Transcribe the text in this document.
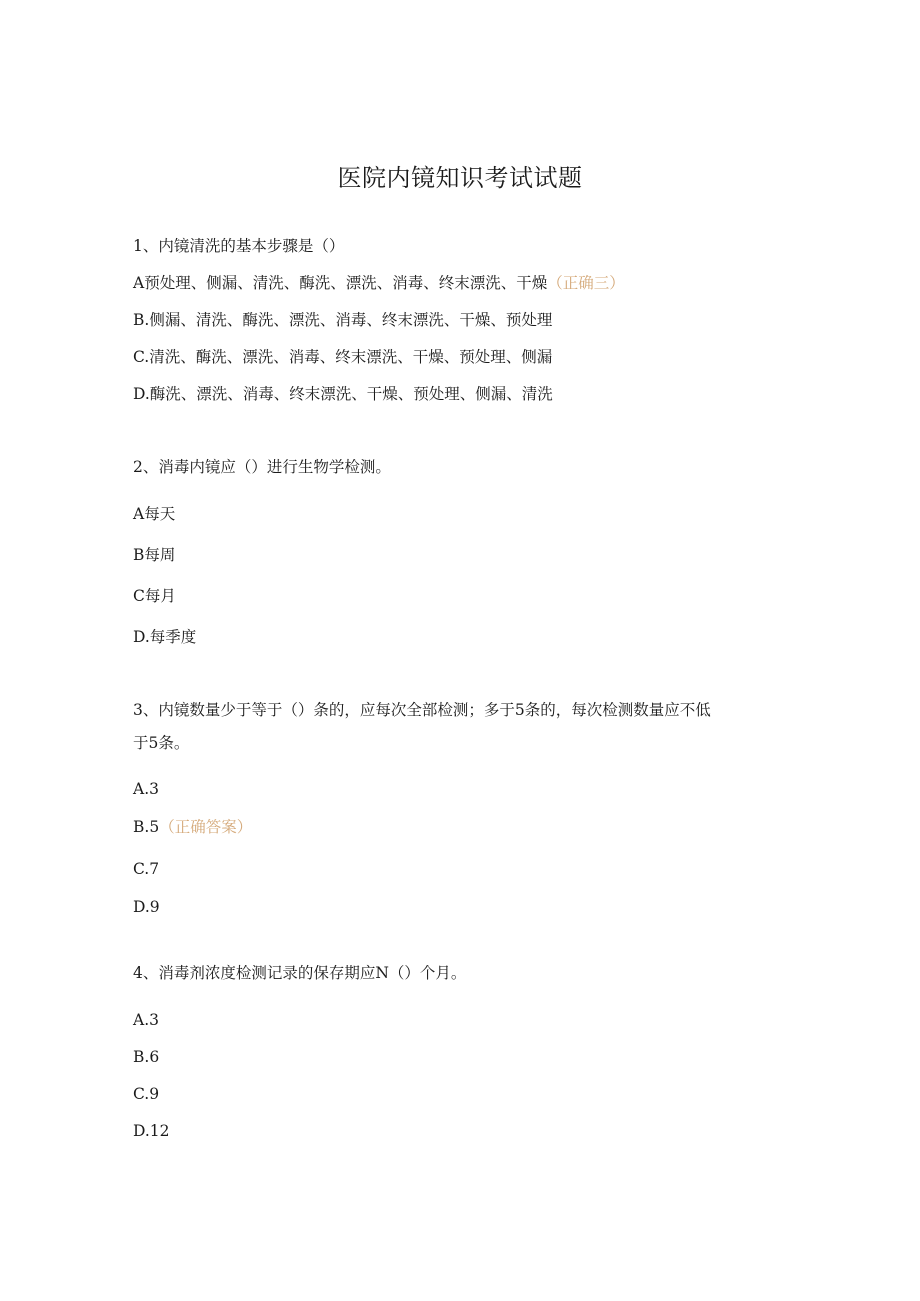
医院内镜知识考试试题
1、内镜清洗的基本步骤是（）
A预处理、侧漏、清洗、酶洗、漂洗、消毒、终末漂洗、干燥（正确三）
B.侧漏、清洗、酶洗、漂洗、消毒、终末漂洗、干燥、预处理
C.清洗、酶洗、漂洗、消毒、终末漂洗、干燥、预处理、侧漏
D.酶洗、漂洗、消毒、终末漂洗、干燥、预处理、侧漏、清洗
2、消毒内镜应（）进行生物学检测。
A每天
B每周
C每月
D.每季度
3、内镜数量少于等于（）条的，应每次全部检测；多于5条的，每次检测数量应不低
于5条。
A.3
B.5（正确答案）
C.7
D.9
4、消毒剂浓度检测记录的保存期应N（）个月。
A.3
B.6
C.9
D.12
